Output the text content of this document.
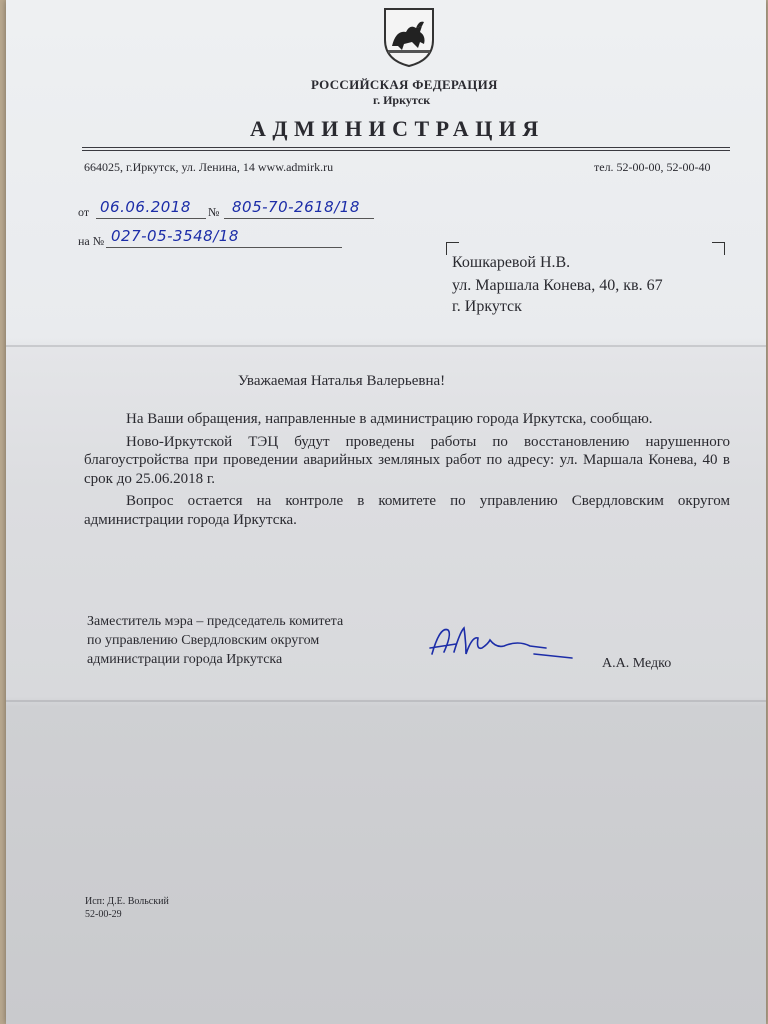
РОССИЙСКАЯ ФЕДЕРАЦИЯ
г. Иркутск
АДМИНИСТРАЦИЯ
664025, г.Иркутск, ул. Ленина, 14 www.admirk.ru	тел. 52-00-00, 52-00-40
от 06.06.2018 № 805-70-2618/18
на № 027-05-3548/18
Кошкаревой Н.В.
ул. Маршала Конева, 40, кв. 67
г. Иркутск
Уважаемая Наталья Валерьевна!

На Ваши обращения, направленные в администрацию города Иркутска, сообщаю.

Ново-Иркутской ТЭЦ будут проведены работы по восстановлению нарушенного благоустройства при проведении аварийных земляных работ по адресу: ул. Маршала Конева, 40 в срок до 25.06.2018 г.

Вопрос остается на контроле в комитете по управлению Свердловским округом администрации города Иркутска.

Заместитель мэра – председатель комитета
по управлению Свердловским округом
администрации города Иркутска	А.А. Медко
Исп: Д.Е. Вольский
52-00-29
